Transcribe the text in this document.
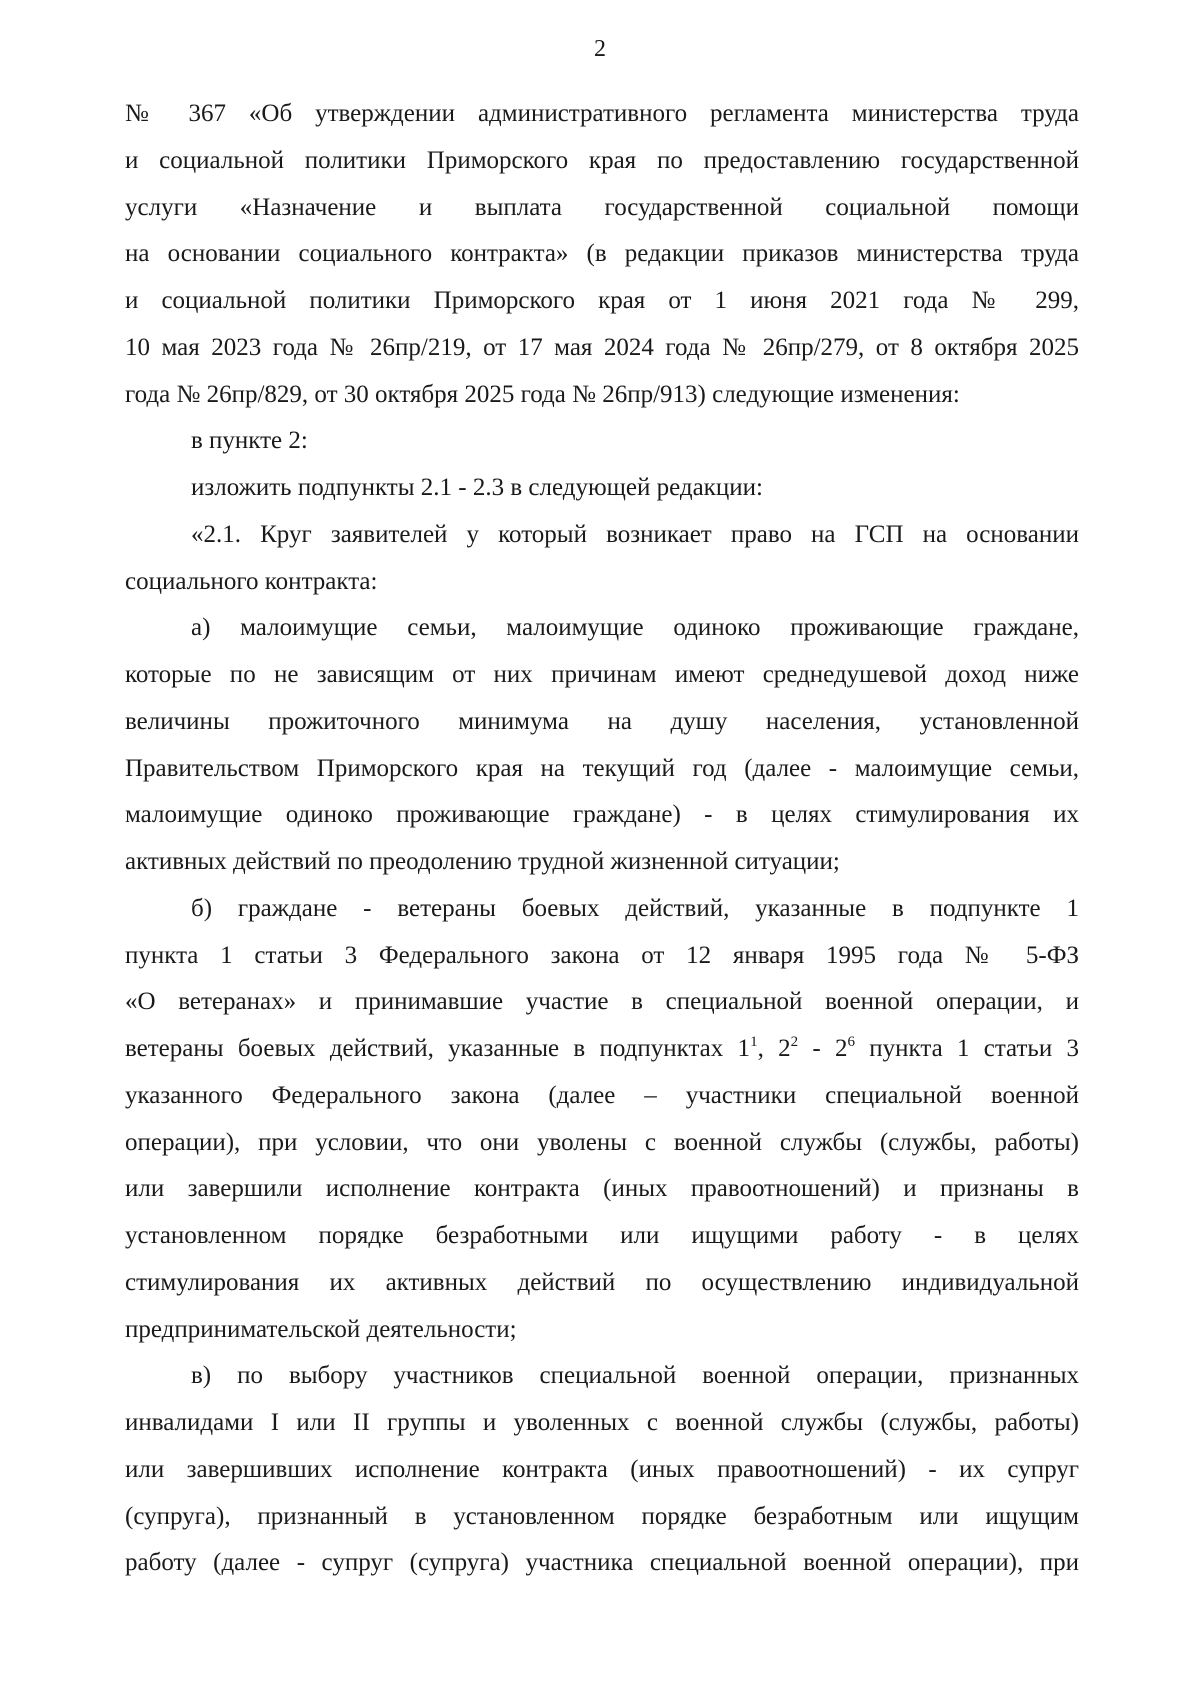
2
№ 367 «Об утверждении административного регламента министерства труда
и социальной политики Приморского края по предоставлению государственной
услуги «Назначение и выплата государственной социальной помощи
на основании социального контракта» (в редакции приказов министерства труда
и социальной политики Приморского края от 1 июня 2021 года № 299,
10 мая 2023 года № 26пр/219, от 17 мая 2024 года № 26пр/279, от 8 октября 2025
года № 26пр/829, от 30 октября 2025 года № 26пр/913) следующие изменения:
в пункте 2:
изложить подпункты 2.1 - 2.3 в следующей редакции:
«2.1. Круг заявителей у который возникает право на ГСП на основании
социального контракта:
а) малоимущие семьи, малоимущие одиноко проживающие граждане,
которые по не зависящим от них причинам имеют среднедушевой доход ниже
величины прожиточного минимума на душу населения, установленной
Правительством Приморского края на текущий год (далее - малоимущие семьи,
малоимущие одиноко проживающие граждане) - в целях стимулирования их
активных действий по преодолению трудной жизненной ситуации;
б) граждане - ветераны боевых действий, указанные в подпункте 1
пункта 1 статьи 3 Федерального закона от 12 января 1995 года № 5-ФЗ
«О ветеранах» и принимавшие участие в специальной военной операции, и
ветераны боевых действий, указанные в подпунктах $1^1$, $2^2 - 2^6$ пункта 1 статьи 3
указанного Федерального закона (далее – участники специальной военной
операции), при условии, что они уволены с военной службы (службы, работы)
или завершили исполнение контракта (иных правоотношений) и признаны в
установленном порядке безработными или ищущими работу - в целях
стимулирования их активных действий по осуществлению индивидуальной
предпринимательской деятельности;
в) по выбору участников специальной военной операции, признанных
инвалидами I или II группы и уволенных с военной службы (службы, работы)
или завершивших исполнение контракта (иных правоотношений) - их супруг
(супруга), признанный в установленном порядке безработным или ищущим
работу (далее - супруг (супруга) участника специальной военной операции), при
